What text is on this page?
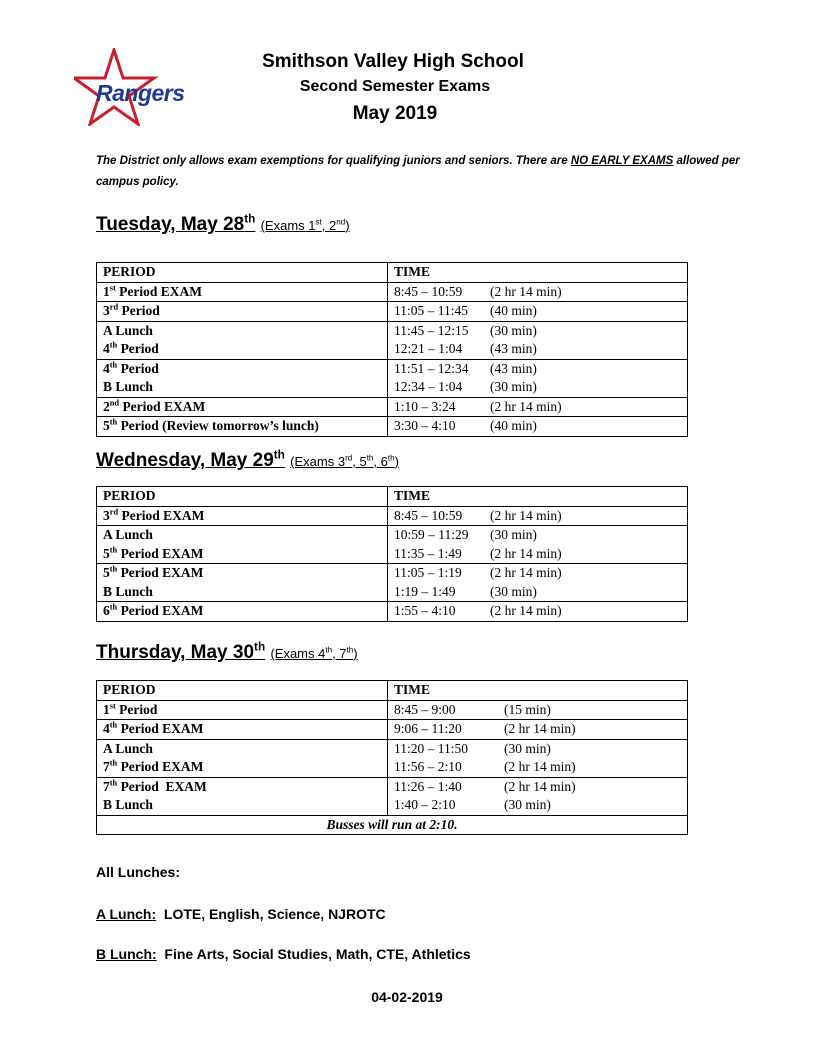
Rangers
Smithson Valley High School
Second Semester Exams
May 2019
The District only allows exam exemptions for qualifying juniors and seniors. There are NO EARLY EXAMS allowed per campus policy.
Tuesday, May 28th (Exams 1st, 2nd)
PERIOD	TIME
1st Period EXAM	8:45 – 10:59 (2 hr 14 min)

3rd Period	11:05 – 11:45 (40 min)

A Lunch	11:45 – 12:15 (30 min)

4th Period	12:21 – 1:04 (43 min)

4th Period	11:51 – 12:34 (43 min)

B Lunch	12:34 – 1:04 (30 min)

2nd Period EXAM	1:10 – 3:24 (2 hr 14 min)

5th Period (Review tomorrow’s lunch)	3:30 – 4:10 (40 min)
Wednesday, May 29th (Exams 3rd, 5th, 6th)
PERIOD	TIME
3rd Period EXAM	8:45 – 10:59 (2 hr 14 min)

A Lunch	10:59 – 11:29 (30 min)

5th Period EXAM	11:35 – 1:49 (2 hr 14 min)

5th Period EXAM	11:05 – 1:19 (2 hr 14 min)

B Lunch	1:19 – 1:49 (30 min)

6th Period EXAM	1:55 – 4:10 (2 hr 14 min)
Thursday, May 30th (Exams 4th, 7th)
PERIOD	TIME
1st Period	8:45 – 9:00 (15 min)

4th Period EXAM	9:06 – 11:20 (2 hr 14 min)

A Lunch	11:20 – 11:50 (30 min)

7th Period EXAM	11:56 – 2:10 (2 hr 14 min)

7th Period  EXAM	11:26 – 1:40 (2 hr 14 min)

B Lunch	1:40 – 2:10 (30 min)

Busses will run at 2:10.	
All Lunches:
A Lunch:  LOTE, English, Science, NJROTC
B Lunch:  Fine Arts, Social Studies, Math, CTE, Athletics
04-02-2019
